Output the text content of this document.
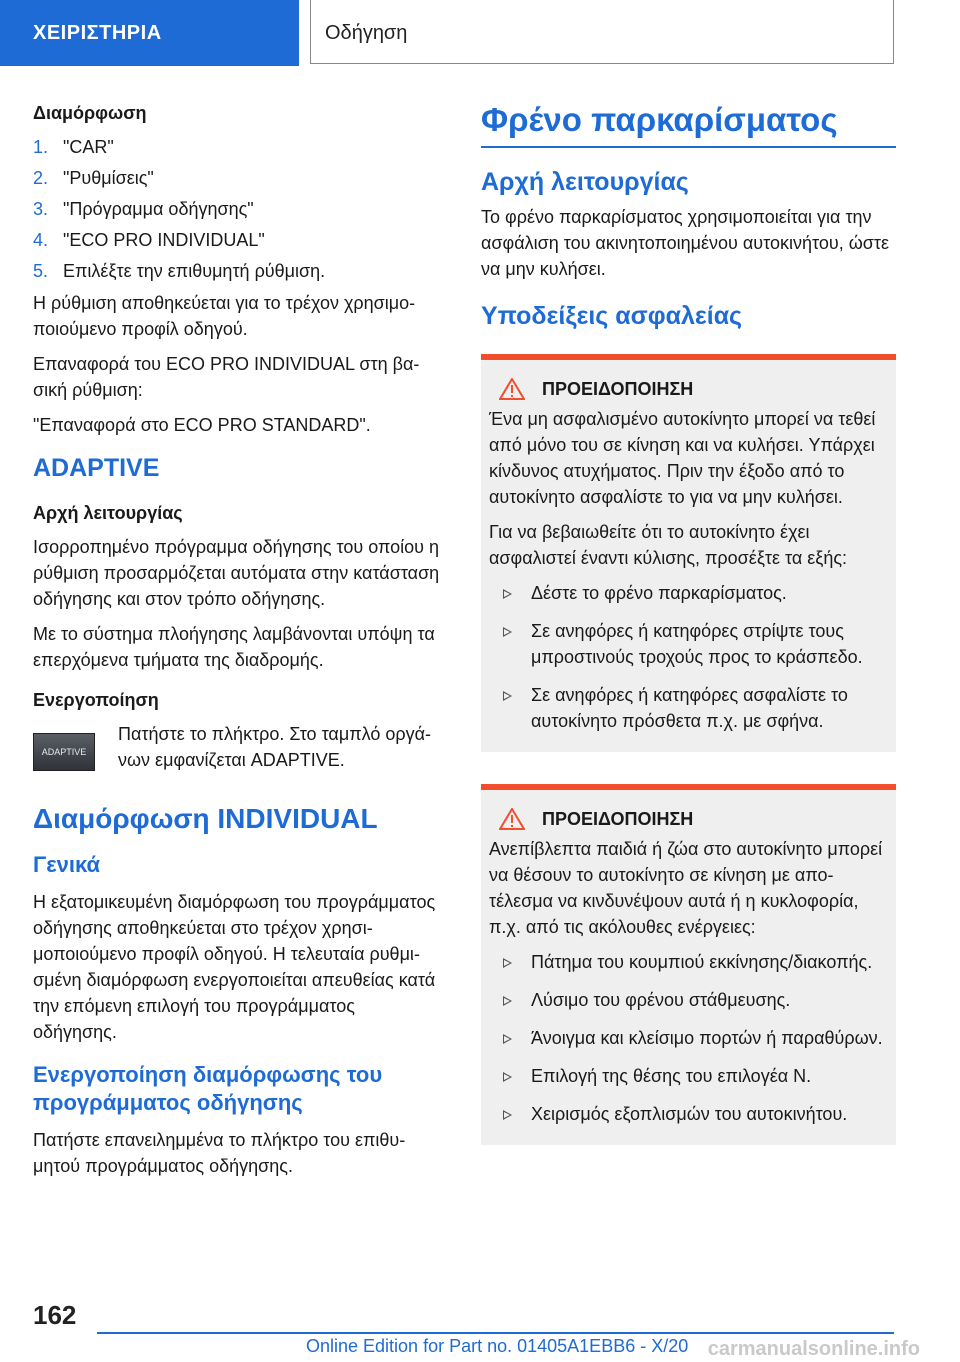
ΧΕΙΡΙΣΤΗΡΙΑ	Οδήγηση
Διαμόρφωση
1. "CAR"
2. "Ρυθμίσεις"
3. "Πρόγραμμα οδήγησης"
4. "ECO PRO INDIVIDUAL"
5. Επιλέξτε την επιθυμητή ρύθμιση.

Η ρύθμιση αποθηκεύεται για το τρέχον χρησιμοποιούμενο προφίλ οδηγού.

Επαναφορά του ECO PRO INDIVIDUAL στη βασική ρύθμιση:

"Επαναφορά στο ECO PRO STANDARD".

ADAPTIVE
Αρχή λειτουργίας

Ισορροπημένο πρόγραμμα οδήγησης του οποίου η ρύθμιση προσαρμόζεται αυτόματα στην κατάσταση οδήγησης και στον τρόπο οδήγησης.

Με το σύστημα πλοήγησης λαμβάνονται υπόψη τα επερχόμενα τμήματα της διαδρομής.

Ενεργοποίηση
ADAPTIVE

Πατήστε το πλήκτρο. Στο ταμπλό οργάνων εμφανίζεται ADAPTIVE.

Διαμόρφωση INDIVIDUAL
Γενικά

Η εξατομικευμένη διαμόρφωση του προγράμματος οδήγησης αποθηκεύεται στο τρέχον χρησιμοποιούμενο προφίλ οδηγού. Η τελευταία ρυθμισμένη διαμόρφωση ενεργοποιείται απευθείας κατά την επόμενη επιλογή του προγράμματος οδήγησης.

Ενεργοποίηση διαμόρφωσης του προγράμματος οδήγησης

Πατήστε επανειλημμένα το πλήκτρο του επιθυμητού προγράμματος οδήγησης.

Φρένο παρκαρίσματος
Αρχή λειτουργίας

Το φρένο παρκαρίσματος χρησιμοποιείται για την ασφάλιση του ακινητοποιημένου αυτοκινήτου, ώστε να μην κυλήσει.

Υποδείξεις ασφαλείας
ΠΡΟΕΙΔΟΠΟΙΗΣΗ

Ένα μη ασφαλισμένο αυτοκίνητο μπορεί να τεθεί από μόνο του σε κίνηση και να κυλήσει. Υπάρχει κίνδυνος ατυχήματος. Πριν την έξοδο από το αυτοκίνητο ασφαλίστε το για να μην κυλήσει.

Για να βεβαιωθείτε ότι το αυτοκίνητο έχει ασφαλιστεί έναντι κύλισης, προσέξτε τα εξής:

Δέστε το φρένο παρκαρίσματος.
Σε ανηφόρες ή κατηφόρες στρίψτε τους μπροστινούς τροχούς προς το κράσπεδο.
Σε ανηφόρες ή κατηφόρες ασφαλίστε το αυτοκίνητο πρόσθετα π.χ. με σφήνα.
ΠΡΟΕΙΔΟΠΟΙΗΣΗ

Ανεπίβλεπτα παιδιά ή ζώα στο αυτοκίνητο μπορεί να θέσουν το αυτοκίνητο σε κίνηση με αποτέλεσμα να κινδυνέψουν αυτά ή η κυκλοφορία, π.χ. από τις ακόλουθες ενέργειες:

Πάτημα του κουμπιού εκκίνησης/διακοπής.
Λύσιμο του φρένου στάθμευσης.
Άνοιγμα και κλείσιμο πορτών ή παραθύρων.
Επιλογή της θέσης του επιλογέα N.
Χειρισμός εξοπλισμών του αυτοκινήτου.
162
Online Edition for Part no. 01405A1EBB6 - X/20 carmanualsonline.info
